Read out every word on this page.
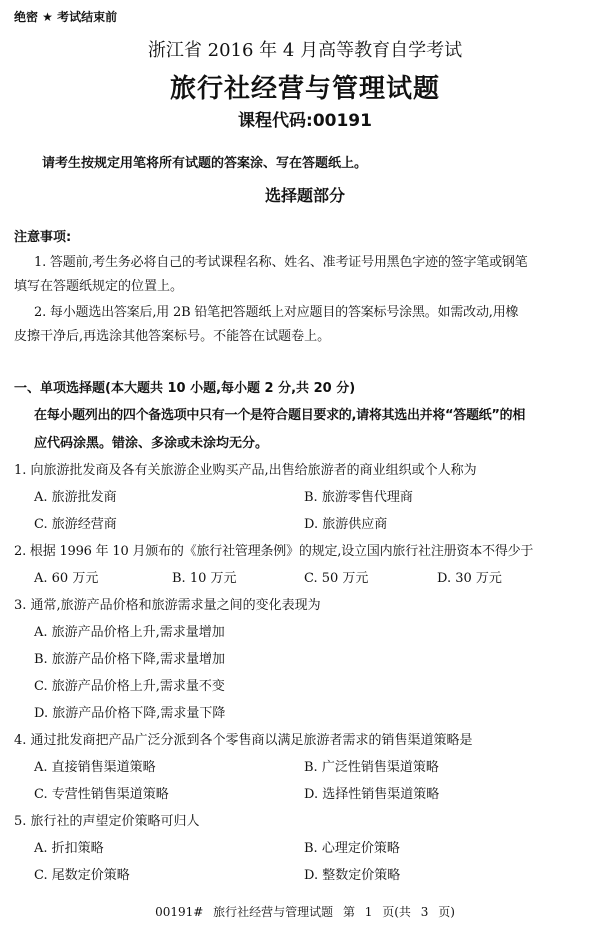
绝密 ★ 考试结束前
浙江省 2016 年 4 月高等教育自学考试
旅行社经营与管理试题
课程代码:00191
请考生按规定用笔将所有试题的答案涂、写在答题纸上。
选择题部分
注意事项:
1. 答题前,考生务必将自己的考试课程名称、姓名、准考证号用黑色字迹的签字笔或钢笔
填写在答题纸规定的位置上。
2. 每小题选出答案后,用 2B 铅笔把答题纸上对应题目的答案标号涂黑。如需改动,用橡
皮擦干净后,再选涂其他答案标号。不能答在试题卷上。
一、单项选择题(本大题共 10 小题,每小题 2 分,共 20 分)
在每小题列出的四个备选项中只有一个是符合题目要求的,请将其选出并将“答题纸”的相
应代码涂黑。错涂、多涂或未涂均无分。
1. 向旅游批发商及各有关旅游企业购买产品,出售给旅游者的商业组织或个人称为
A. 旅游批发商	B. 旅游零售代理商
C. 旅游经营商	D. 旅游供应商
2. 根据 1996 年 10 月颁布的《旅行社管理条例》的规定,设立国内旅行社注册资本不得少于
A. 60 万元	B. 10 万元	C. 50 万元	D. 30 万元
3. 通常,旅游产品价格和旅游需求量之间的变化表现为
A. 旅游产品价格上升,需求量增加
B. 旅游产品价格下降,需求量增加
C. 旅游产品价格上升,需求量不变
D. 旅游产品价格下降,需求量下降
4. 通过批发商把产品广泛分派到各个零售商以满足旅游者需求的销售渠道策略是
A. 直接销售渠道策略	B. 广泛性销售渠道策略
C. 专营性销售渠道策略	D. 选择性销售渠道策略
5. 旅行社的声望定价策略可归人
A. 折扣策略	B. 心理定价策略
C. 尾数定价策略	D. 整数定价策略
00191# 旅行社经营与管理试题 第 1 页(共 3 页)
